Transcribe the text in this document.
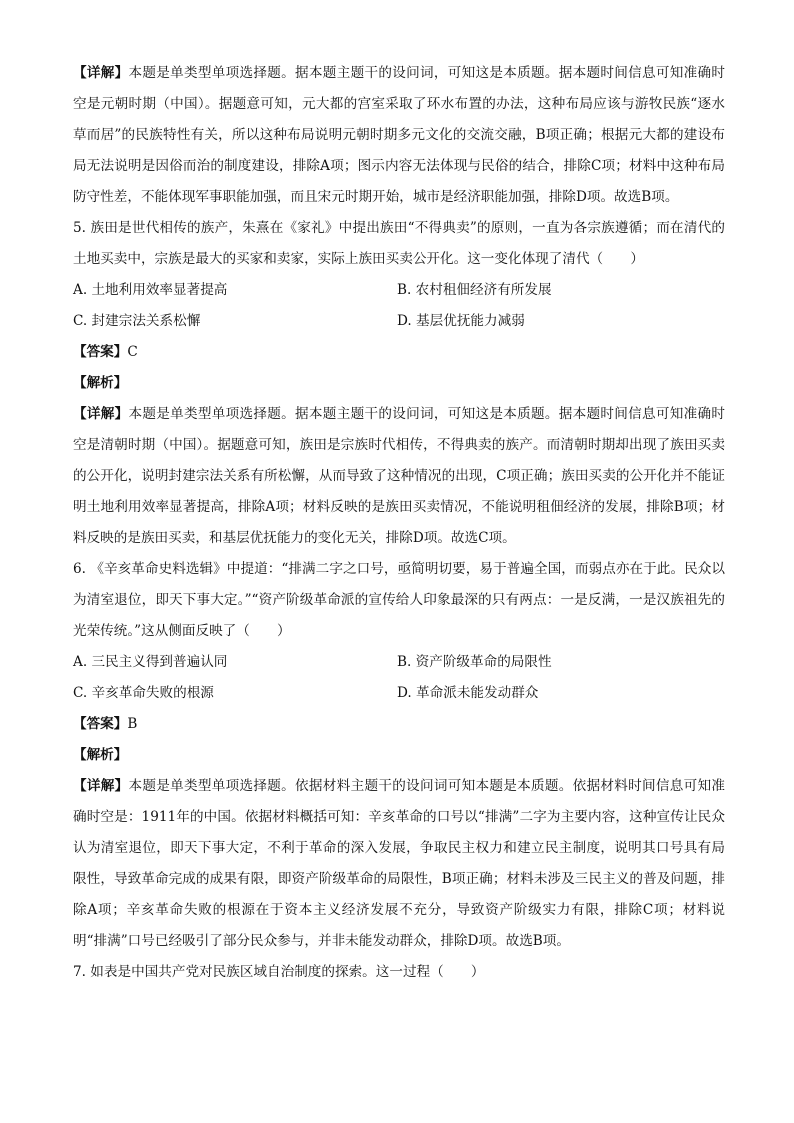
【详解】本题是单类型单项选择题。据本题主题干的设问词，可知这是本质题。据本题时间信息可知准确时空是元朝时期（中国）。据题意可知，元大都的宫室采取了环水布置的办法，这种布局应该与游牧民族“逐水草而居”的民族特性有关，所以这种布局说明元朝时期多元文化的交流交融，B项正确；根据元大都的建设布局无法说明是因俗而治的制度建设，排除A项；图示内容无法体现与民俗的结合，排除C项；材料中这种布局防守性差，不能体现军事职能加强，而且宋元时期开始，城市是经济职能加强，排除D项。故选B项。

5. 族田是世代相传的族产，朱熹在《家礼》中提出族田“不得典卖”的原则，一直为各宗族遵循；而在清代的土地买卖中，宗族是最大的买家和卖家，实际上族田买卖公开化。这一变化体现了清代（　　）

A. 土地利用效率显著提高	B. 农村租佃经济有所发展
C. 封建宗法关系松懈	D. 基层优抚能力减弱

【答案】C

【解析】

【详解】本题是单类型单项选择题。据本题主题干的设问词，可知这是本质题。据本题时间信息可知准确时空是清朝时期（中国）。据题意可知，族田是宗族时代相传，不得典卖的族产。而清朝时期却出现了族田买卖的公开化，说明封建宗法关系有所松懈，从而导致了这种情况的出现，C项正确；族田买卖的公开化并不能证明土地利用效率显著提高，排除A项；材料反映的是族田买卖情况，不能说明租佃经济的发展，排除B项；材料反映的是族田买卖，和基层优抚能力的变化无关，排除D项。故选C项。

6. 《辛亥革命史料选辑》中提道：“排满二字之口号，亟简明切要，易于普遍全国，而弱点亦在于此。民众以为清室退位，即天下事大定。”“资产阶级革命派的宣传给人印象最深的只有两点：一是反满，一是汉族祖先的光荣传统。”这从侧面反映了（　　）

A. 三民主义得到普遍认同	B. 资产阶级革命的局限性
C. 辛亥革命失败的根源	D. 革命派未能发动群众

【答案】B

【解析】

【详解】本题是单类型单项选择题。依据材料主题干的设问词可知本题是本质题。依据材料时间信息可知准确时空是：1911年的中国。依据材料概括可知：辛亥革命的口号以“排满”二字为主要内容，这种宣传让民众认为清室退位，即天下事大定，不利于革命的深入发展，争取民主权力和建立民主制度，说明其口号具有局限性，导致革命完成的成果有限，即资产阶级革命的局限性，B项正确；材料未涉及三民主义的普及问题，排除A项；辛亥革命失败的根源在于资本主义经济发展不充分，导致资产阶级实力有限，排除C项；材料说明“排满”口号已经吸引了部分民众参与，并非未能发动群众，排除D项。故选B项。

7. 如表是中国共产党对民族区域自治制度的探索。这一过程（　　）
